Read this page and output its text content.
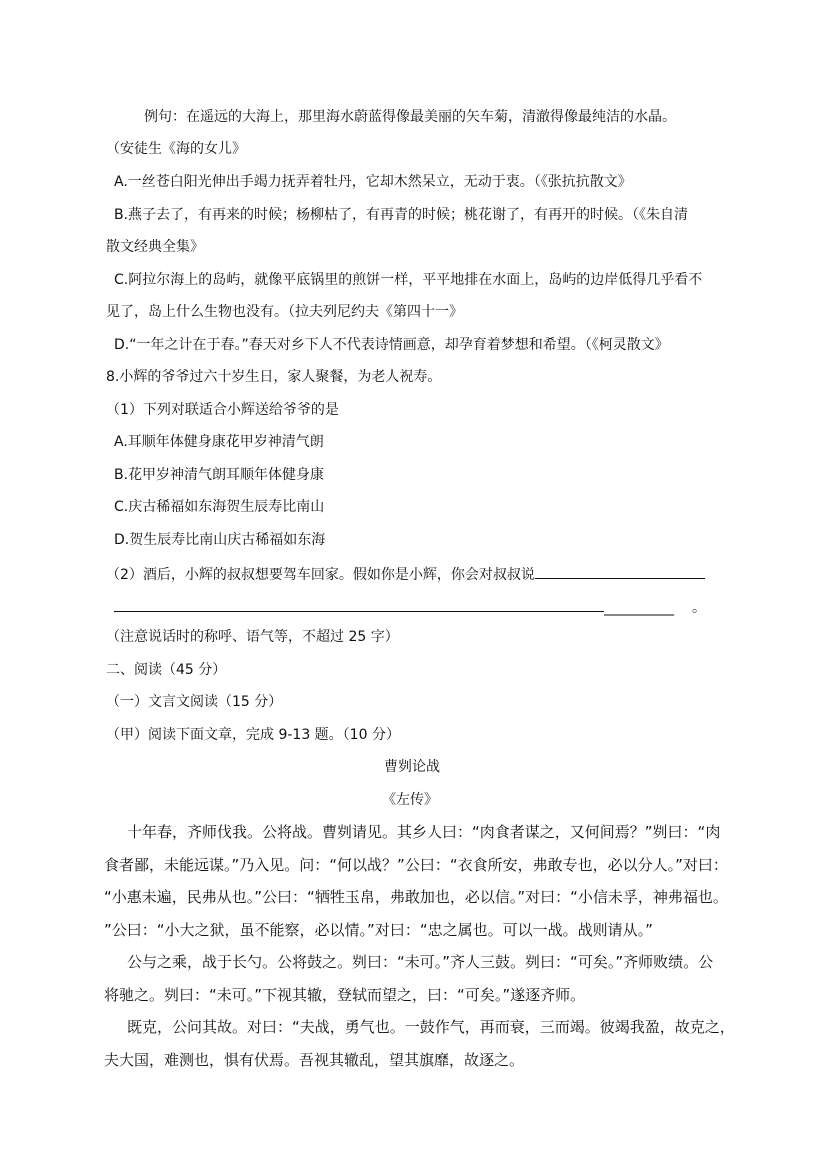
例句：在遥远的大海上，那里海水蔚蓝得像最美丽的矢车菊，清澈得像最纯洁的水晶。
（安徒生《海的女儿》
A.一丝苍白阳光伸出手竭力抚弄着牡丹，它却木然呆立，无动于衷。（《张抗抗散文》
B.燕子去了，有再来的时候；杨柳枯了，有再青的时候；桃花谢了，有再开的时候。（《朱自清
散文经典全集》
C.阿拉尔海上的岛屿，就像平底锅里的煎饼一样，平平地排在水面上，岛屿的边岸低得几乎看不
见了，岛上什么生物也没有。（拉夫列尼约夫《第四十一》
D.“一年之计在于春。”春天对乡下人不代表诗情画意，却孕育着梦想和希望。（《柯灵散文》
8.小辉的爷爷过六十岁生日，家人聚餐，为老人祝寿。
（1）下列对联适合小辉送给爷爷的是
A.耳顺年体健身康花甲岁神清气朗
B.花甲岁神清气朗耳顺年体健身康
C.庆古稀福如东海贺生辰寿比南山
D.贺生辰寿比南山庆古稀福如东海
（2）酒后，小辉的叔叔想要驾车回家。假如你是小辉，你会对叔叔说
__________ 。
（注意说话时的称呼、语气等，不超过 25 字）
二、阅读（45 分）
（一）文言文阅读（15 分）
（甲）阅读下面文章，完成 9-13 题。（10 分）
曹刿论战
《左传》
十年春，齐师伐我。公将战。曹刿请见。其乡人曰：“肉食者谋之，又何间焉？”刿曰：“肉
食者鄙，未能远谋。”乃入见。问：“何以战？”公曰：“衣食所安，弗敢专也，必以分人。”对曰：
“小惠未遍，民弗从也。”公曰：“牺牲玉帛，弗敢加也，必以信。”对曰：“小信未孚，神弗福也。
”公曰：“小大之狱，虽不能察，必以情。”对曰：“忠之属也。可以一战。战则请从。”
公与之乘，战于长勺。公将鼓之。刿曰：“未可。”齐人三鼓。刿曰：“可矣。”齐师败绩。公
将驰之。刿曰：“未可。”下视其辙，登轼而望之，曰：“可矣。”遂逐齐师。
既克，公问其故。对曰：“夫战，勇气也。一鼓作气，再而衰，三而竭。彼竭我盈，故克之，
夫大国，难测也，惧有伏焉。吾视其辙乱，望其旗靡，故逐之。
